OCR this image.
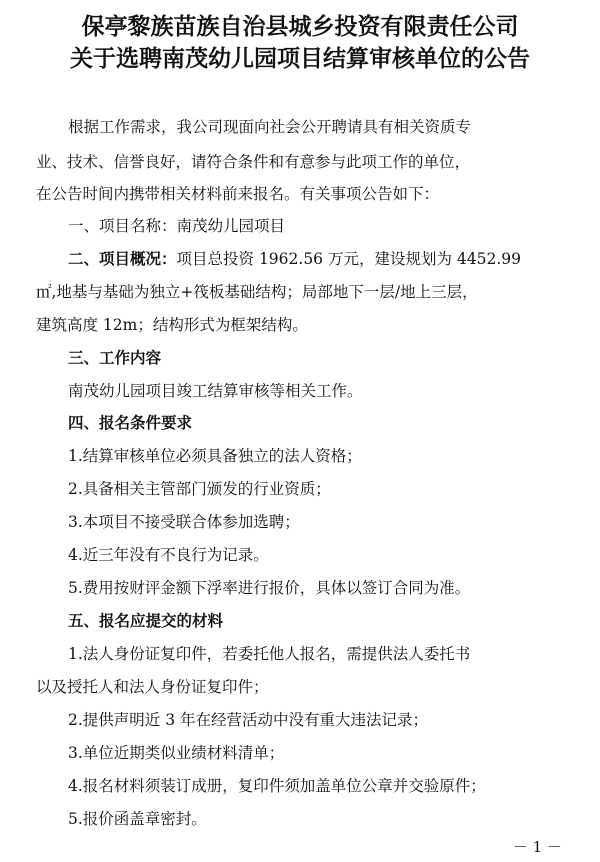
保亭黎族苗族自治县城乡投资有限责任公司
关于选聘南茂幼儿园项目结算审核单位的公告
根据工作需求，我公司现面向社会公开聘请具有相关资质专
业、技术、信誉良好，请符合条件和有意参与此项工作的单位，
在公告时间内携带相关材料前来报名。有关事项公告如下：
一、项目名称：南茂幼儿园项目
二、项目概况：项目总投资 1962.56 万元，建设规划为 4452.99
㎡,地基与基础为独立+筏板基础结构；局部地下一层/地上三层，
建筑高度 12m；结构形式为框架结构。
三、工作内容
南茂幼儿园项目竣工结算审核等相关工作。
四、报名条件要求
1.结算审核单位必须具备独立的法人资格；
2.具备相关主管部门颁发的行业资质；
3.本项目不接受联合体参加选聘；
4.近三年没有不良行为记录。
5.费用按财评金额下浮率进行报价，具体以签订合同为准。
五、报名应提交的材料
1.法人身份证复印件，若委托他人报名，需提供法人委托书
以及授托人和法人身份证复印件；
2.提供声明近 3 年在经营活动中没有重大违法记录；
3.单位近期类似业绩材料清单；
4.报名材料须装订成册，复印件须加盖单位公章并交验原件；
5.报价函盖章密封。
－ 1 －
